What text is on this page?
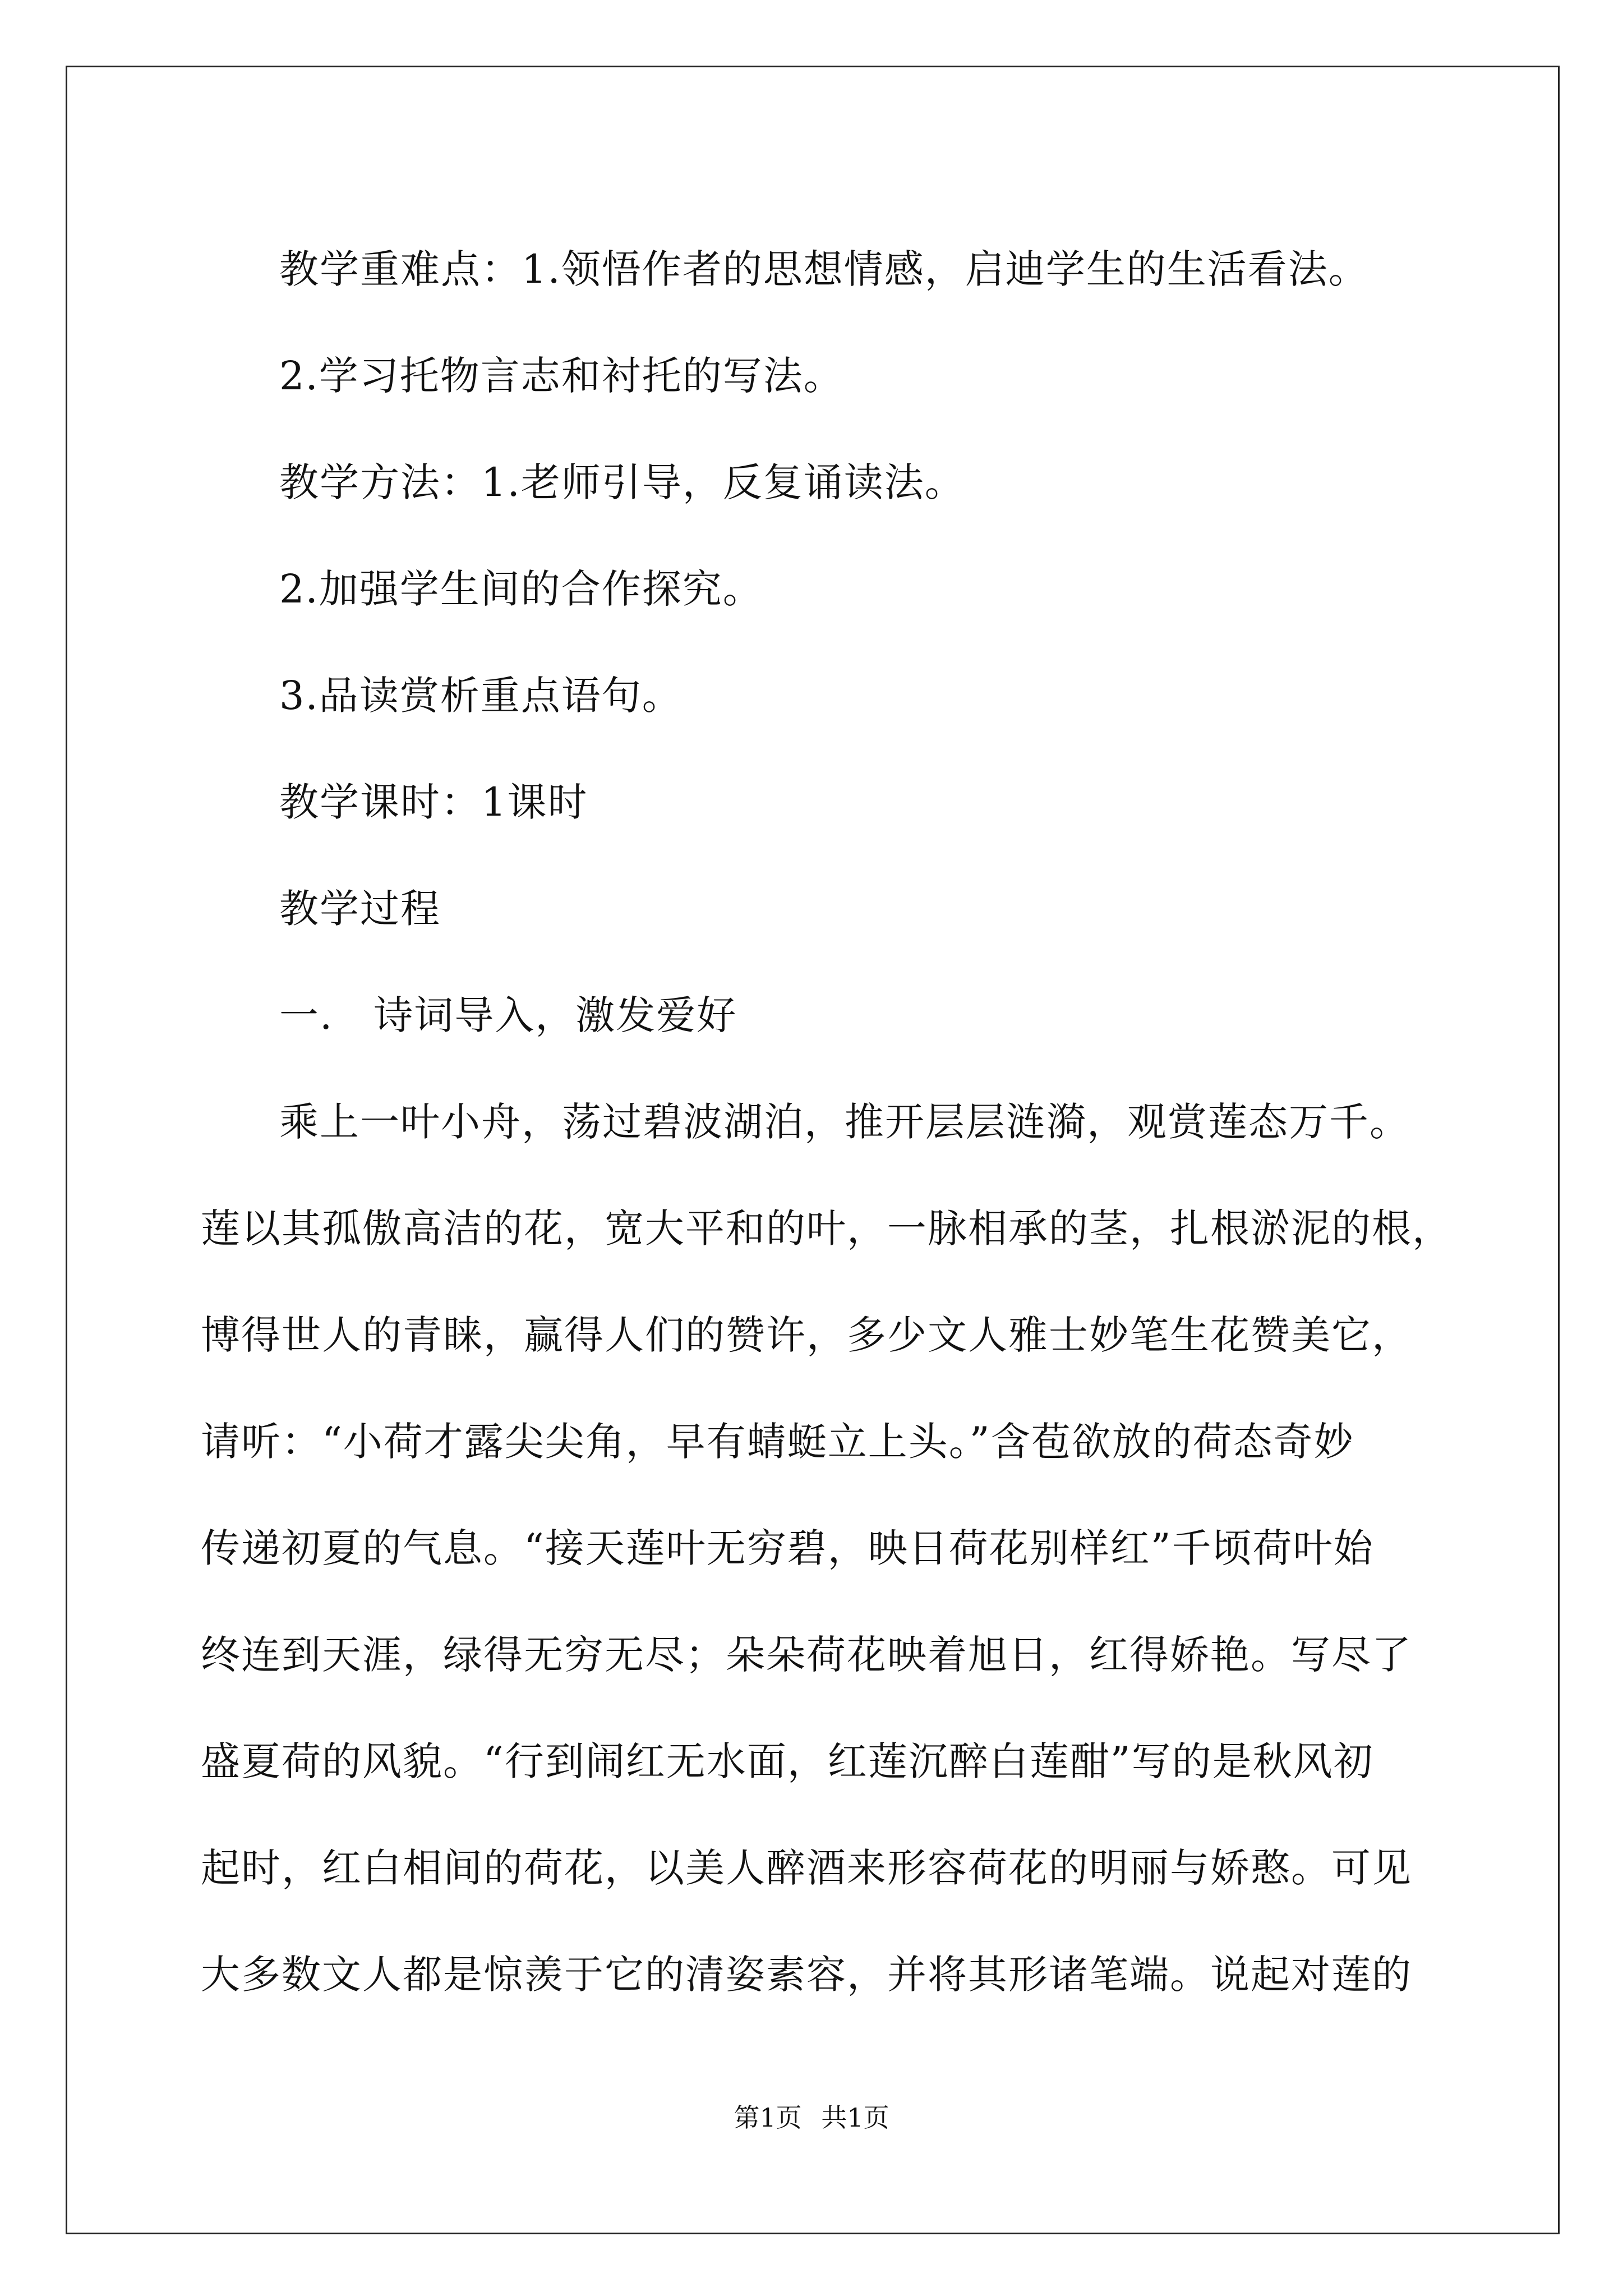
教学重难点：1.领悟作者的思想情感，启迪学生的生活看法。

2.学习托物言志和衬托的写法。

教学方法：1.老师引导，反复诵读法。

2.加强学生间的合作探究。

3.品读赏析重点语句。

教学课时：1课时

教学过程

一.　诗词导入，激发爱好

乘上一叶小舟，荡过碧波湖泊，推开层层涟漪，观赏莲态万千。

莲以其孤傲高洁的花，宽大平和的叶，一脉相承的茎，扎根淤泥的根，

博得世人的青睐，赢得人们的赞许，多少文人雅士妙笔生花赞美它，

请听：“小荷才露尖尖角，早有蜻蜓立上头。”含苞欲放的荷态奇妙

传递初夏的气息。“接天莲叶无穷碧，映日荷花别样红”千顷荷叶始

终连到天涯，绿得无穷无尽；朵朵荷花映着旭日，红得娇艳。写尽了

盛夏荷的风貌。“行到闹红无水面，红莲沉醉白莲酣”写的是秋风初

起时，红白相间的荷花，以美人醉酒来形容荷花的明丽与娇憨。可见

大多数文人都是惊羡于它的清姿素容，并将其形诸笔端。说起对莲的

第1页 共1页
